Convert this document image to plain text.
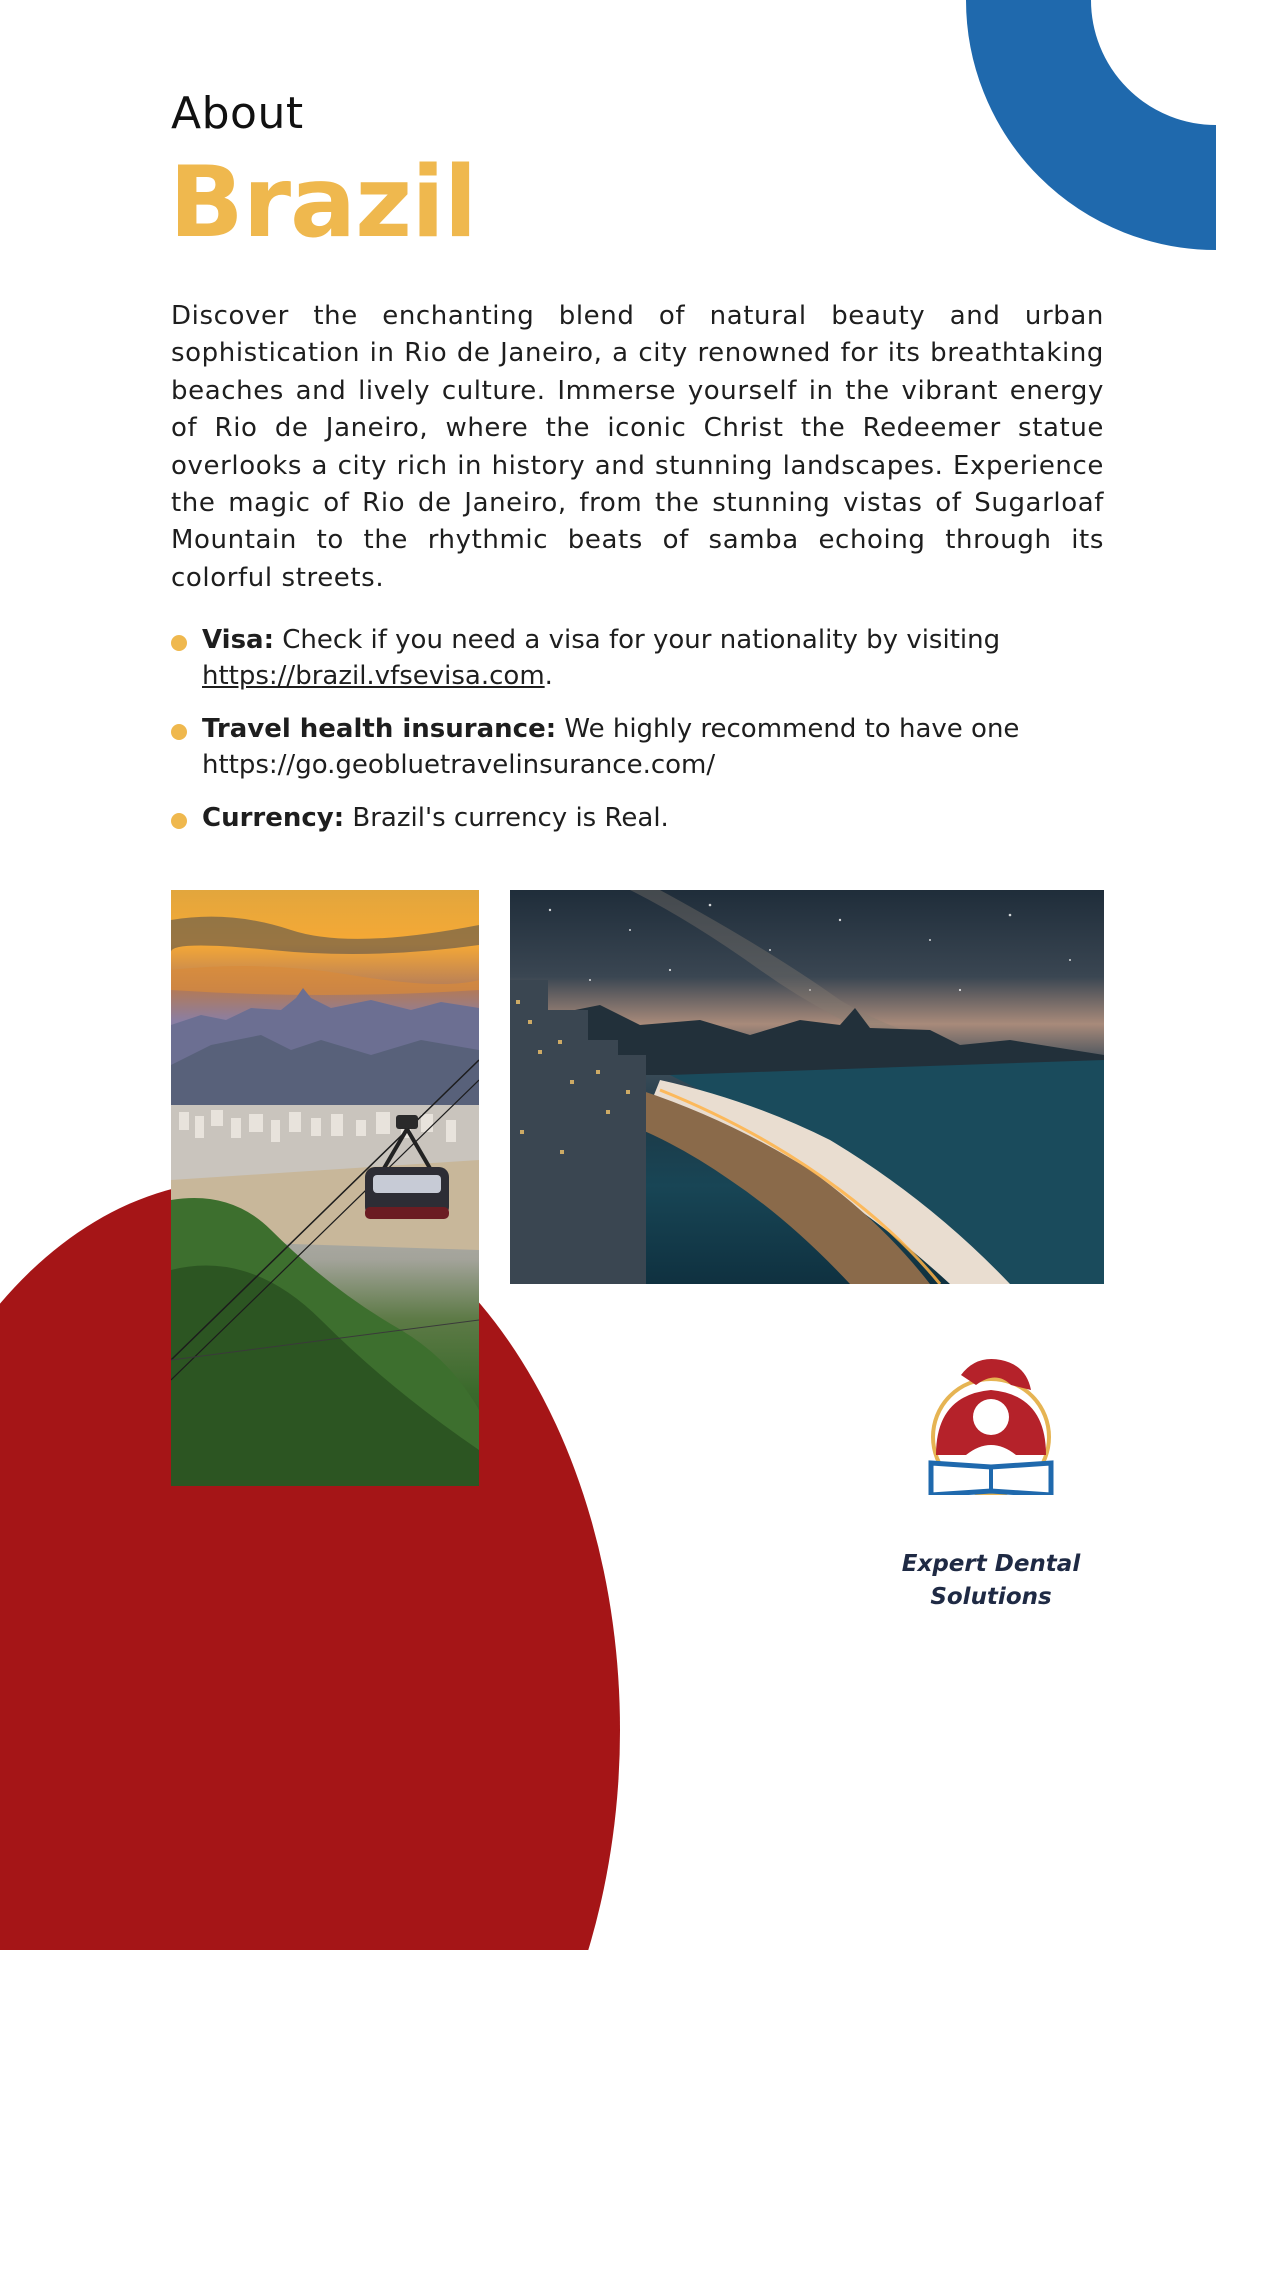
About
Brazil

Discover the enchanting blend of natural beauty and urban sophistication in Rio de Janeiro, a city renowned for its breathtaking beaches and lively culture. Immerse yourself in the vibrant energy of Rio de Janeiro, where the iconic Christ the Redeemer statue overlooks a city rich in history and stunning landscapes. Experience the magic of Rio de Janeiro, from the stunning vistas of Sugarloaf Mountain to the rhythmic beats of samba echoing through its colorful streets.

Visa: Check if you need a visa for your nationality by visiting https://brazil.vfsevisa.com.
Travel health insurance: We highly recommend to have one https://go.geobluetravelinsurance.com/
Currency: Brazil's currency is Real.
Expert Dental
Solutions
